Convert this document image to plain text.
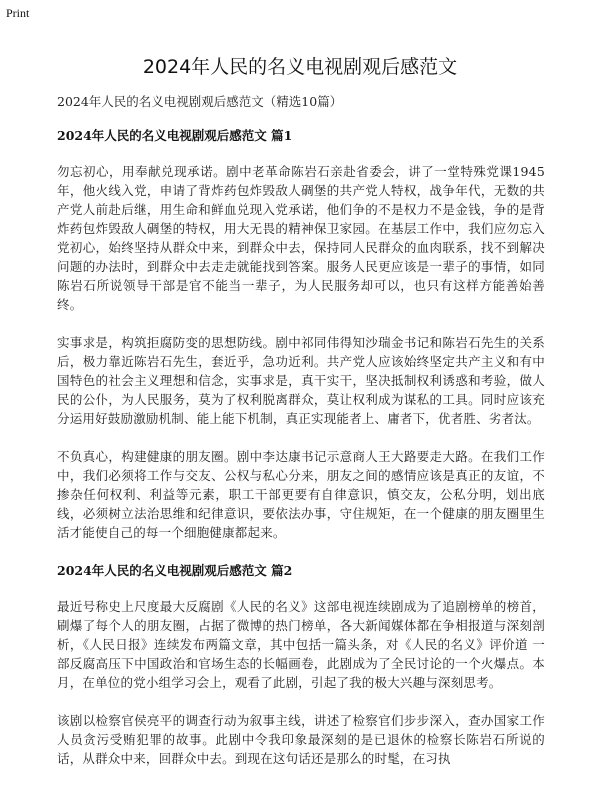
Print
2024年人民的名义电视剧观后感范文

2024年人民的名义电视剧观后感范文（精选10篇）

2024年人民的名义电视剧观后感范文 篇1

勿忘初心，用奉献兑现承诺。剧中老革命陈岩石亲赴省委会，讲了一堂特殊党课1945年，他火线入党，申请了背炸药包炸毁敌人碉堡的共产党人特权，战争年代，无数的共产党人前赴后继，用生命和鲜血兑现入党承诺，他们争的不是权力不是金钱，争的是背炸药包炸毁敌人碉堡的特权，用大无畏的精神保卫家园。在基层工作中，我们应勿忘入党初心，始终坚持从群众中来，到群众中去，保持同人民群众的血肉联系，找不到解决问题的办法时，到群众中去走走就能找到答案。服务人民更应该是一辈子的事情，如同陈岩石所说领导干部是官不能当一辈子，为人民服务却可以，也只有这样方能善始善终。

实事求是，构筑拒腐防变的思想防线。剧中祁同伟得知沙瑞金书记和陈岩石先生的关系后，极力靠近陈岩石先生，套近乎，急功近利。共产党人应该始终坚定共产主义和有中国特色的社会主义理想和信念，实事求是，真干实干，坚决抵制权利诱惑和考验，做人民的公仆，为人民服务，莫为了权利脱离群众，莫让权利成为谋私的工具。同时应该充分运用好鼓励激励机制、能上能下机制，真正实现能者上、庸者下，优者胜、劣者汰。

不负真心，构建健康的朋友圈。剧中李达康书记示意商人王大路要走大路。在我们工作中，我们必须将工作与交友、公权与私心分来，朋友之间的感情应该是真正的友谊，不掺杂任何权利、利益等元素，职工干部更要有自律意识，慎交友，公私分明，划出底线，必须树立法治思维和纪律意识，要依法办事，守住规矩，在一个健康的朋友圈里生活才能使自己的每一个细胞健康都起来。

2024年人民的名义电视剧观后感范文 篇2

最近号称史上尺度最大反腐剧《人民的名义》这部电视连续剧成为了追剧榜单的榜首，刷爆了每个人的朋友圈，占据了微博的热门榜单，各大新闻媒体都在争相报道与深刻剖析，《人民日报》连续发布两篇文章，其中包括一篇头条，对《人民的名义》评价道 一部反腐高压下中国政治和官场生态的长幅画卷，此剧成为了全民讨论的一个火爆点。本月，在单位的党小组学习会上，观看了此剧，引起了我的极大兴趣与深刻思考。

该剧以检察官侯亮平的调查行动为叙事主线，讲述了检察官们步步深入，查办国家工作人员贪污受贿犯罪的故事。此剧中令我印象最深刻的是已退休的检察长陈岩石所说的话，从群众中来，回群众中去。到现在这句话还是那么的时髦，在习执
